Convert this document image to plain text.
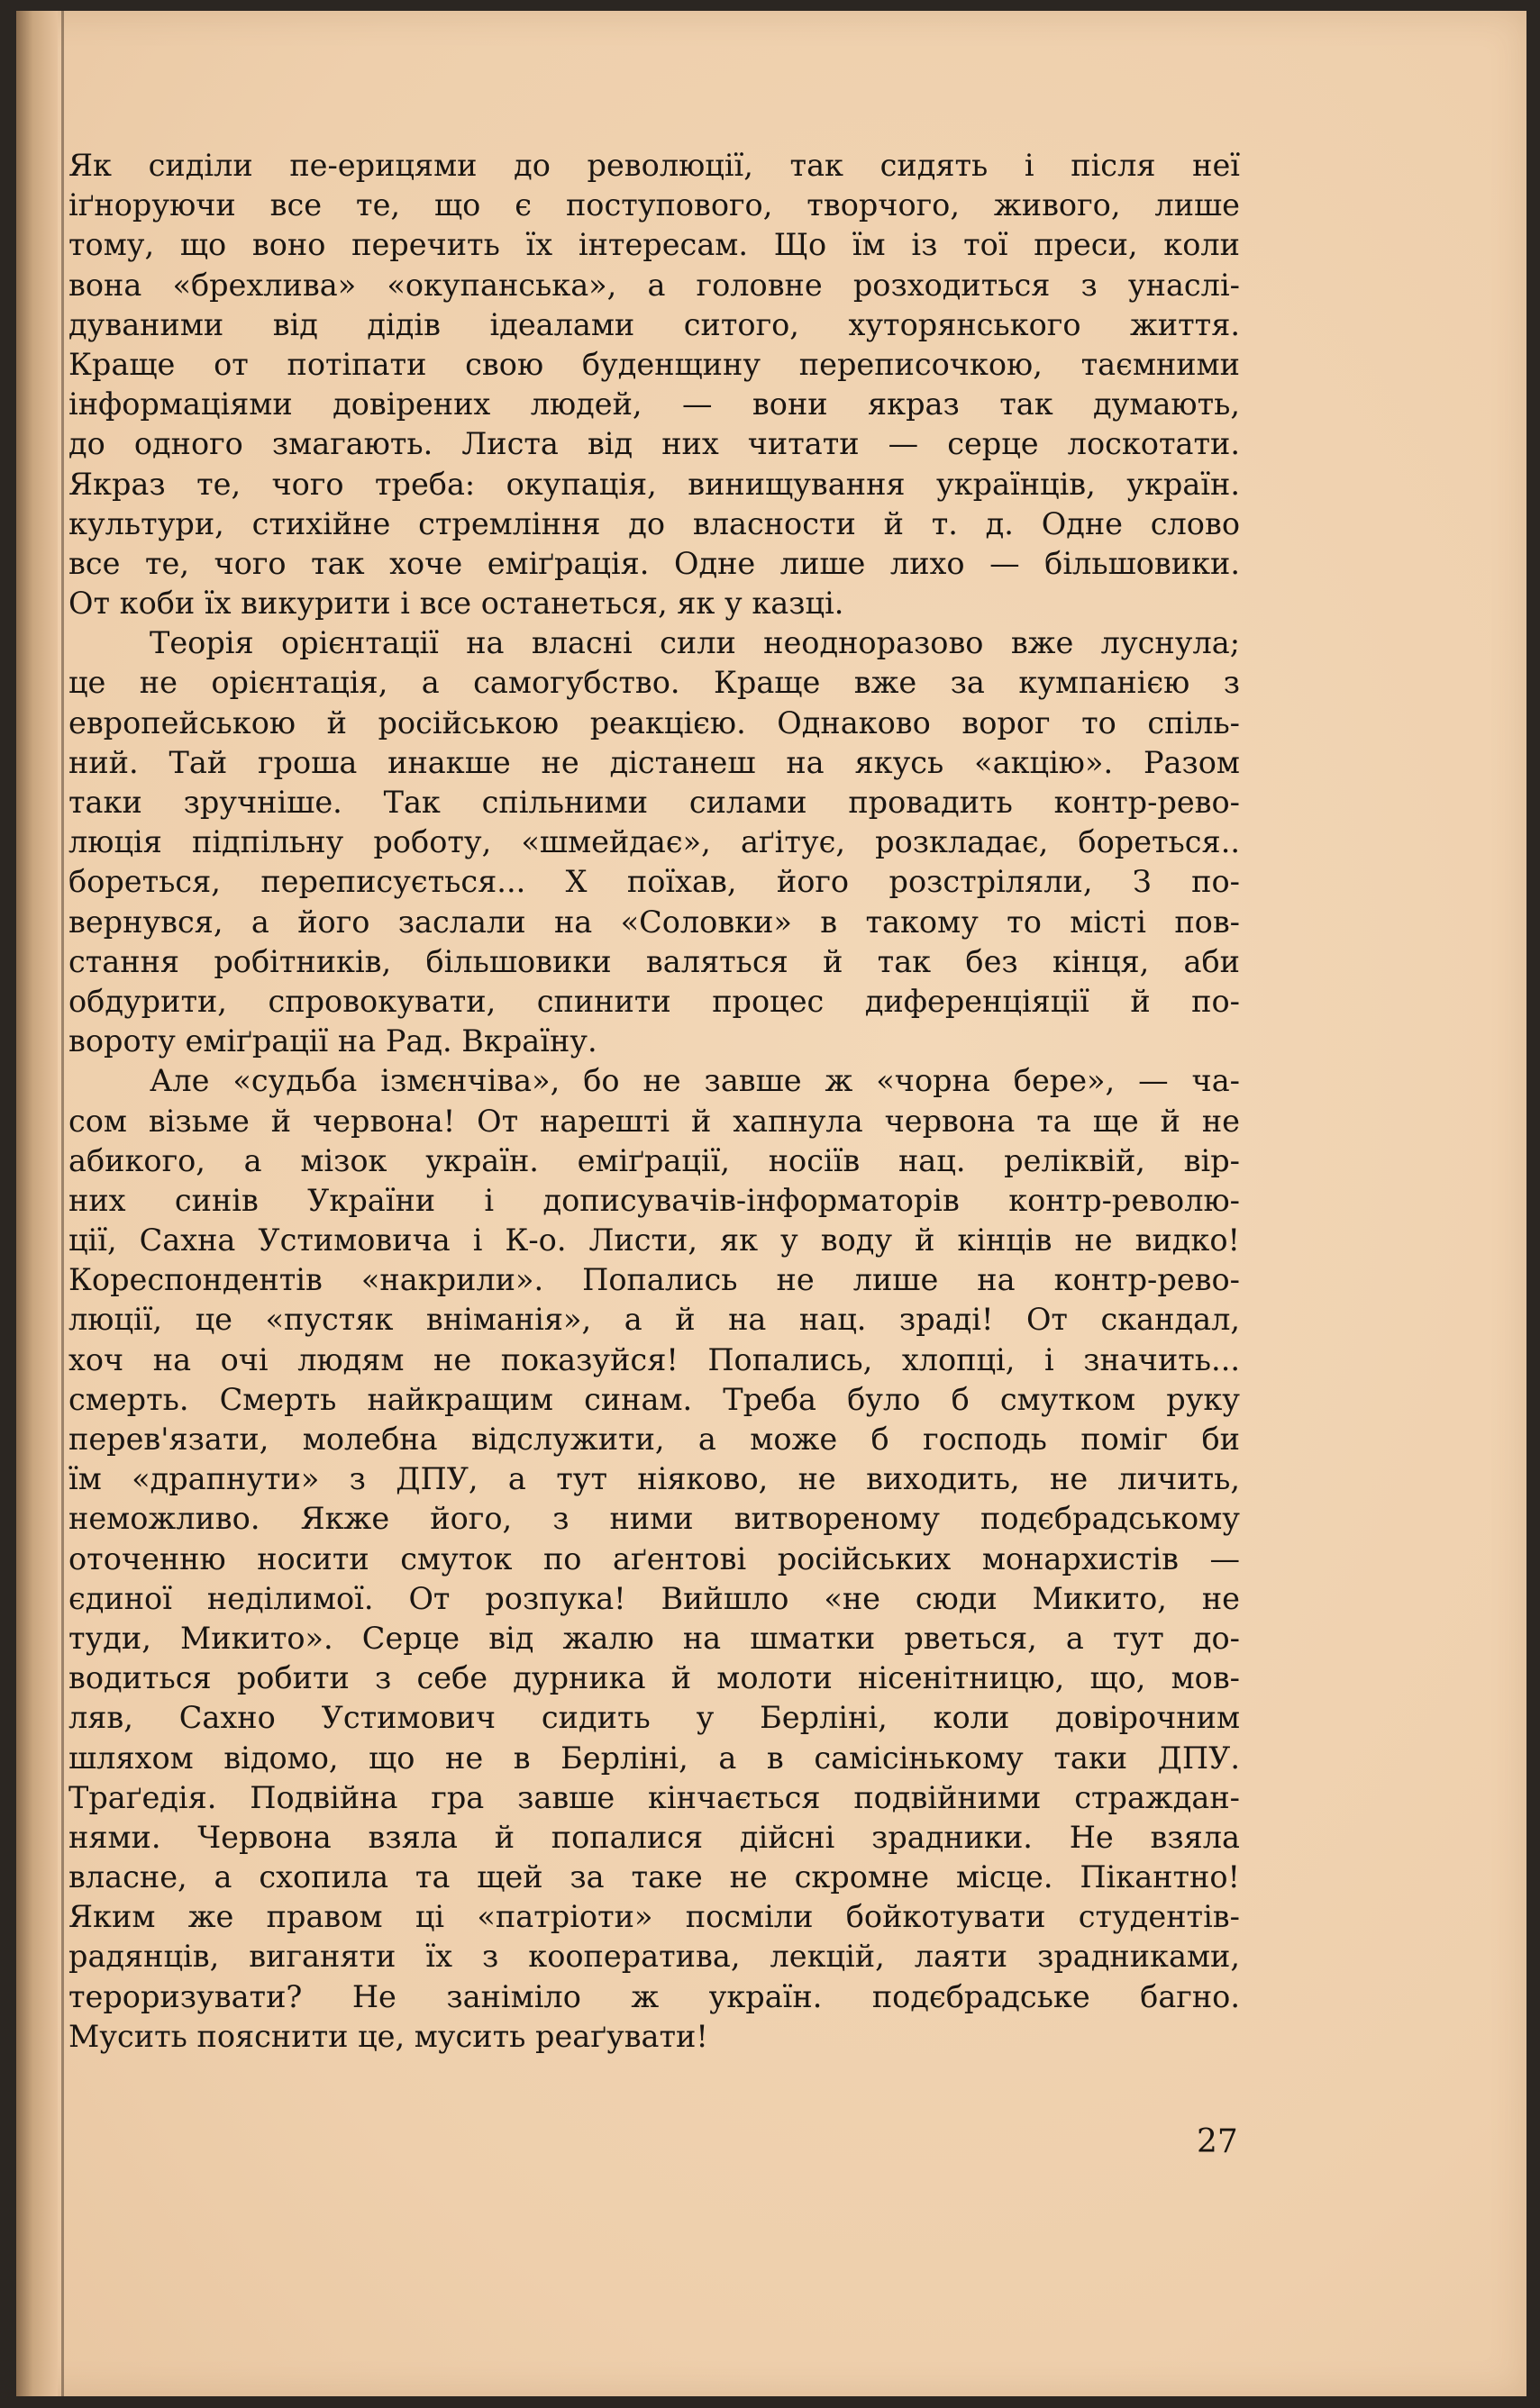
Як сиділи пе-ерицями до революції, так сидять і після неї
іґноруючи все те, що є поступового, творчого, живого, лише
тому, що воно перечить їх інтересам. Що їм із тої преси, коли
вона «брехлива» «окупанська», а головне розходиться з унаслі-
дуваними від дідів ідеалами ситого, хуторянського життя.
Краще от потіпати свою буденщину переписочкою, таємними
інформаціями довірених людей, — вони якраз так думають,
до одного змагають. Листа від них читати — серце лоскотати.
Якраз те, чого треба: окупація, винищування українців, україн.
культури, стихійне стремління до власности й т. д. Одне слово
все те, чого так хоче еміґрація. Одне лише лихо — більшовики.
От коби їх викурити і все останеться, як у казці.
Теорія орієнтації на власні сили неодноразово вже луснула;
це не орієнтація, а самогубство. Краще вже за кумпанією з
европейською й російською реакцією. Однаково ворог то спіль-
ний. Тай гроша инакше не дістанеш на якусь «акцію». Разом
таки зручніше. Так спільними силами провадить контр-рево-
люція підпільну роботу, «шмейдає», аґітує, розкладає, бореться..
бореться, переписується... Х поїхав, його розстріляли, З по-
вернувся, а його заслали на «Соловки» в такому то місті пов-
стання робітників, більшовики валяться й так без кінця, аби
обдурити, спровокувати, спинити процес диференціяції й по-
вороту еміґрації на Рад. Вкраїну.
Але «судьба ізмєнчіва», бо не завше ж «чорна бере», — ча-
сом візьме й червона! От нарешті й хапнула червона та ще й не
абикого, а мізок україн. еміґрації, носіїв нац. реліквій, вір-
них синів України і дописувачів-інформаторів контр-револю-
ції, Сахна Устимовича і К-о. Листи, як у воду й кінців не видко!
Кореспондентів «накрили». Попались не лише на контр-рево-
люції, це «пустяк вніманія», а й на нац. зраді! От скандал,
хоч на очі людям не показуйся! Попались, хлопці, і значить...
смерть. Смерть найкращим синам. Треба було б смутком руку
перев'язати, молебна відслужити, а може б господь поміг би
їм «драпнути» з ДПУ, а тут ніяково, не виходить, не личить,
неможливо. Якже його, з ними витвореному подєбрадському
оточенню носити смуток по аґентові російських монархистів —
єдиної неділимої. От розпука! Вийшло «не сюди Микито, не
туди, Микито». Серце від жалю на шматки рветься, а тут до-
водиться робити з себе дурника й молоти нісенітницю, що, мов-
ляв, Сахно Устимович сидить у Берліні, коли довірочним
шляхом відомо, що не в Берліні, а в самісінькому таки ДПУ.
Траґедія. Подвійна гра завше кінчається подвійними страждан-
нями. Червона взяла й попалися дійсні зрадники. Не взяла
власне, а схопила та щей за таке не скромне місце. Пікантно!
Яким же правом ці «патріоти» посміли бойкотувати студентів-
радянців, виганяти їх з кооператива, лекцій, лаяти зрадниками,
тероризувати? Не заніміло ж україн. подєбрадське багно.
Мусить пояснити це, мусить реаґувати!
27
